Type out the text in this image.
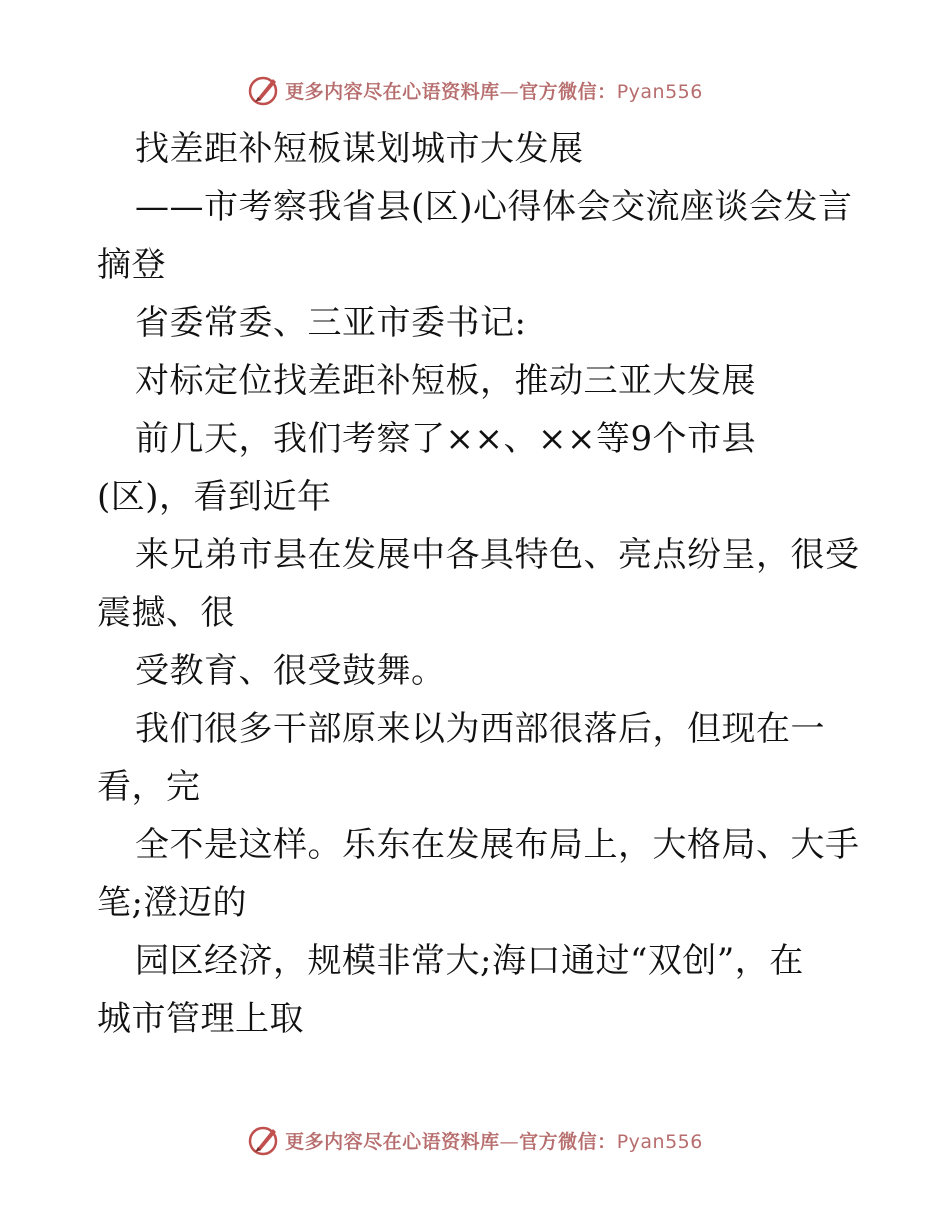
更多内容尽在心语资料库—官方微信：Pyan556
找差距补短板谋划城市大发展
——市考察我省县(区)心得体会交流座谈会发言
摘登
省委常委、三亚市委书记:
对标定位找差距补短板，推动三亚大发展
前几天，我们考察了××、××等9个市县
(区)，看到近年
来兄弟市县在发展中各具特色、亮点纷呈，很受
震撼、很
受教育、很受鼓舞。
我们很多干部原来以为西部很落后，但现在一
看，完
全不是这样。乐东在发展布局上，大格局、大手
笔;澄迈的
园区经济，规模非常大;海口通过“双创”，在
城市管理上取
更多内容尽在心语资料库—官方微信：Pyan556
